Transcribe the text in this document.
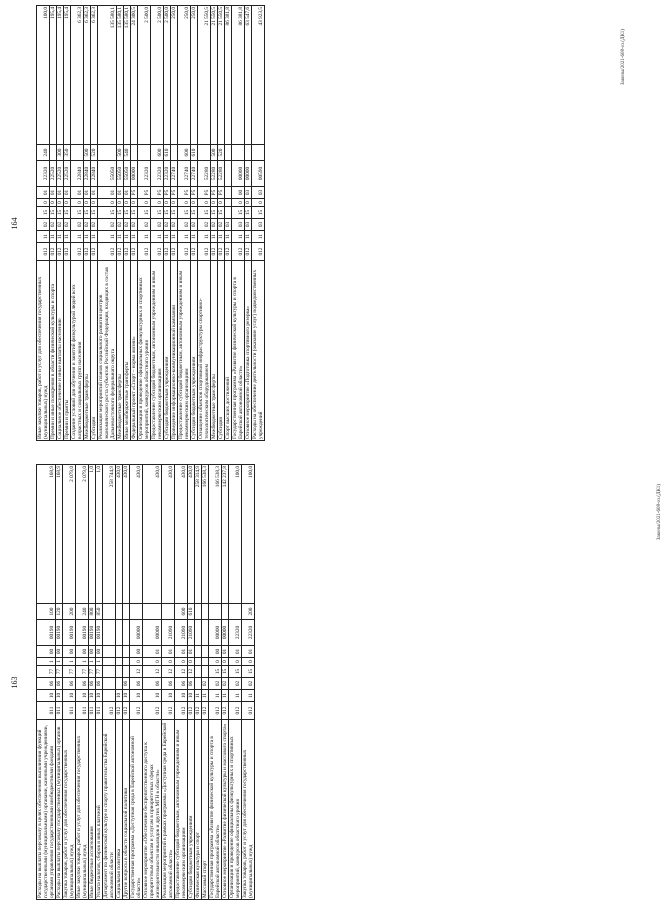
163
Расходы на выплаты персоналу в целях обеспечения выполнения функций государственными (муниципальными) органами, казенными учреждениями, органами управления государственными внебюджетными фондами	011	10	06	77	1	00	00190	100	168,9
Расходы на выплаты персоналу государственных (муниципальных) органов	011	10	06	77	1	00	00190	120	168,9
Закупка товаров, работ и услуг для обеспечения государственных (муниципальных) нужд	011	10	06	77	1	00	00190	200	2 079,0
Иные закупки товаров, работ и услуг для обеспечения государственных (муниципальных) нужд	011	10	06	77	1	00	00190	240	2 079,0
Иные бюджетные ассигнования	011	10	06	77	1	00	00190	800	1,0
Уплата налогов, сборов и иных платежей	011	10	06	77	1	00	00190	850	1,0
Департамент по физической культуре и спорту правительства Еврейской автономной области	012								258 744,9
Социальная политика	012	10							430,0
Другие вопросы в области социальной политики	012	10	06						430,0
Государственная программа «Доступная среда в Еврейской автономной области»	012	10	06	12	0	00	00000		430,0
Основное мероприятие «Обеспечение беспрепятственного доступа к приоритетным объектам и услугам в приоритетных сферах жизнедеятельности инвалидов и других МГН в области»	012	10	06	12	0	01	00000		430,0
Реализация мероприятий в рамках программы «Доступная среда в Еврейской автономной области»	012	10	06	12	0	01	21090		430,0
Предоставление субсидий бюджетным, автономным учреждениям и иным некоммерческим организациям	012	10	06	12	0	01	21090	600	430,0
Субсидии бюджетным учреждениям	012	10	06	12	0	01	21090	610	430,0
Физическая культура и спорт	012	11							258 314,9
Массовый спорт	012	11	02						166 538,3
Государственная программа «Развитие физической культуры и спорта в Еврейской автономной области»	012	11	02	15	0	00	00000		166 538,3
Основное мероприятие «Развитие физической культуры и массового спорта»	012	11	02	15	0	01	00000		142 237,8
Организация и проведение официальных физкультурных и спортивных мероприятий, конкурсов областного уровня	012	11	02	15	0	01	22320		100,0
Закупка товаров, работ и услуг для обеспечения государственных (муниципальных) нужд	012	11	02	15	0	01	22320	200	100,0
Законы/2021-608-оз.(ДК1)
164
Иные закупки товаров, работ и услуг для обеспечения государственных (муниципальных) нужд	012	11	02	15	0	01	22320	240	100,0
Премии и иные поощрения в области физической культуры и спорта	012	11	02	15	0	01	22520		195,4
Социальное обеспечение и иные выплаты населению	012	11	02	15	0	01	22520	300	195,4
Премии и гранты	012	11	02	15	0	01	22520	350	195,4
Создание условий для обучения и занятий физкультурой людей всех возрастных и социальных групп населения	012	11	02	15	0	01	22840		6 362,3
Межбюджетные трансферты	012	11	02	15	0	01	22840	500	6 362,3
Субсидии	012	11	02	15	0	01	22840	520	6 362,3
Реализация мероприятий планов социального развития центров экономического роста субъектов Российской Федерации, входящих в состав Дальневосточного федерального округа	012	11	02	15	0	01	55050		135 580,1
Межбюджетные трансферты	012	11	02	15	0	01	55050	500	135 580,1
Иные межбюджетные трансферты	012	11	02	15	0	01	55050	540	135 580,1
Федеральный проект «Спорт – норма жизни»	012	11	02	15	0	P5	00000		24 300,5
Организация и проведение официальных физкультурных и спортивных мероприятий, конкурсов областного уровня	012	11	02	15	0	P5	22320		2 500,0
Предоставление субсидий бюджетным, автономным учреждениям и иным некоммерческим организациям	012	11	02	15	0	P5	22320	600	2 500,0
Субсидии бюджетным учреждениям	012	11	02	15	0	P5	22320	610	2 500,0
Проведение информационно-коммуникационной кампании	012	11	02	15	0	P5	22740		250,0
Предоставление субсидий бюджетным, автономным учреждениям и иным некоммерческим организациям	012	11	02	15	0	P5	22740	600	250,0
Субсидии бюджетным учреждениям	012	11	02	15	0	P5	22740	610	250,0
Оснащение объектов спортивной инфраструктуры спортивно-технологическим оборудованием	012	11	02	15	0	P5	52280		21 550,5
Межбюджетные трансферты	012	11	02	15	0	P5	52280	500	21 550,5
Субсидии	012	11	02	15	0	P5	52280	520	21 550,5
Спорт высших достижений	012	11	03						86 381,8
Государственная программа «Развитие физической культуры и спорта в Еврейской автономной области»	012	11	03	15	0	00	00000		86 381,8
Основное мероприятие «Подготовка спортивного резерва»	012	11	03	15	0	03	00000		63 547,6
Расходы на обеспечение деятельности (оказание услуг) подведомственных учреждений	012	11	03	15	0	03	00590		43 923,5
Законы/2021-608-оз.(ДК1)
